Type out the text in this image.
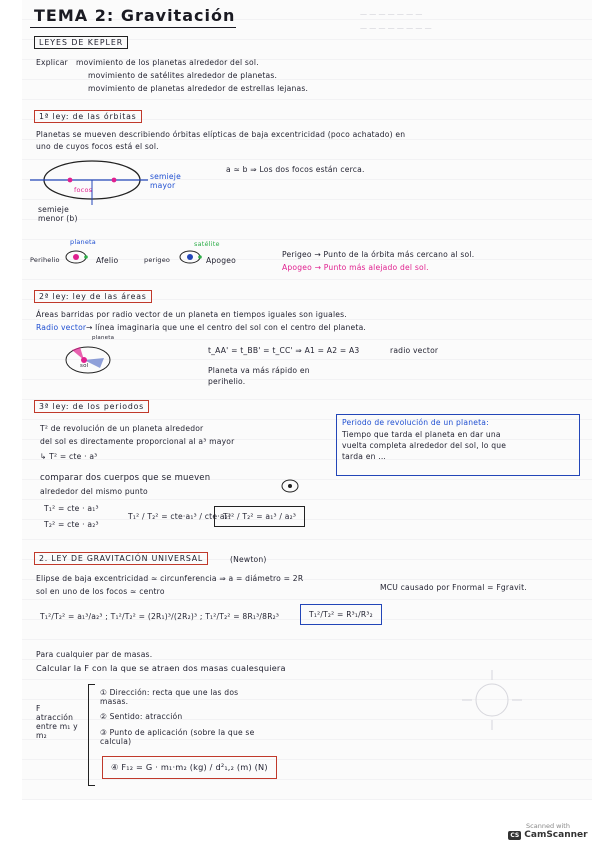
— — — — — — —
— — — — — — — —
TEMA 2: Gravitación
LEYES DE KEPLER
Explicar movimiento de los planetas alrededor del sol.
movimiento de satélites alrededor de planetas.
movimiento de planetas alrededor de estrellas lejanas.
1ª ley: de las órbitas
Planetas se mueven describiendo órbitas elípticas de baja excentricidad (poco achatado) en
uno de cuyos focos está el sol.
focos
semieje mayor
semieje menor (b)
a ≃ b ⇒ Los dos focos están cerca.
planeta	satélite
Perihelio	Afelio	perigeo	Apogeo
Perigeo → Punto de la órbita más cercano al sol.
Apogeo → Punto más alejado del sol.
2ª ley: ley de las áreas
Áreas barridas por radio vector de un planeta en tiempos iguales son iguales.
Radio vector → línea imaginaria que une el centro del sol con el centro del planeta.
planeta
sol
t_AA' = t_BB' = t_CC' ⇒ A1 = A2 = A3	radio vector
Planeta va más rápido en
perihelio.
3ª ley: de los periodos
T² de revolución de un planeta alrededor
del sol es directamente proporcional al a³ mayor
↳ T² = cte · a³
comparar dos cuerpos que se mueven
alrededor del mismo punto
T₁² = cte · a₁³
T₂² = cte · a₂³
T₁² / T₂² = cte·a₁³ / cte·a₂³
T₁² / T₂² = a₁³ / a₂³
Periodo de revolución de un planeta:
Tiempo que tarda el planeta en dar una
vuelta completa alrededor del sol, lo que
tarda en ...
2. LEY DE GRAVITACIÓN UNIVERSAL	(Newton)
Elipse de baja excentricidad ≃ circunferencia ⇒ a = diámetro = 2R
sol en uno de los focos ≃ centro	MCU causado por Fnormal = Fgravit.
T₁²/T₂² = a₁³/a₂³ ; T₁²/T₂² = (2R₁)³/(2R₂)³ ; T₁²/T₂² = 8R₁³/8R₂³	T₁²/T₂² = R³₁/R³₂
Para cualquier par de masas.
Calcular la F con la que se atraen dos masas cualesquiera
F atracción entre m₁ y m₂
① Dirección: recta que une las dos masas.
② Sentido: atracción
③ Punto de aplicación (sobre la que se calcula)
④ F₁₂ = G · m₁·m₂ (kg) / d²₁,₂ (m) (N)
Scanned with
CS CamScanner
